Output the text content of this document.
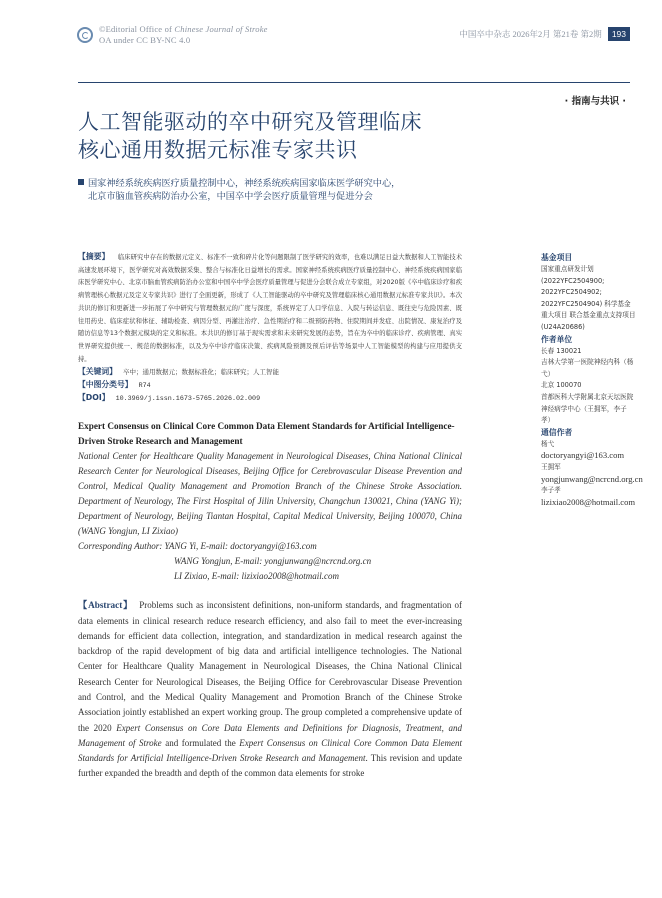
©Editorial Office of Chinese Journal of Stroke
OA under CC BY-NC 4.0
中国卒中杂志 2026年2月 第21卷 第2期	193
· 指南与共识 ·
人工智能驱动的卒中研究及管理临床
核心通用数据元标准专家共识
国家神经系统疾病医疗质量控制中心，神经系统疾病国家临床医学研究中心，
北京市脑血管疾病防治办公室，中国卒中学会医疗质量管理与促进分会
【摘要】 临床研究中存在的数据元定义、标准不一致和碎片化等问题限制了医学研究的效率，也难以满足日益大数据和人工智能技术高速发展环境下，医学研究对高效数据采集、整合与标准化日益增长的需求。国家神经系统疾病医疗质量控制中心、神经系统疾病国家临床医学研究中心、北京市脑血管疾病防治办公室和中国卒中学会医疗质量管理与促进分会联合成立专家组，对2020版《卒中临床诊疗和疾病管理核心数据元及定义专家共识》进行了全面更新，形成了《人工智能驱动的卒中研究及管理临床核心通用数据元标准专家共识》。本次共识的修订和更新进一步拓展了卒中研究与管理数据元的广度与深度，系统界定了人口学信息、入院与转运信息、既往史与危险因素、既往用药史、临床症状和体征、辅助检查、病因分型、再灌注治疗、急性期治疗和二级预防药物、住院期间并发症、出院情况、康复治疗及随访信息等13个数据元模块的定义和标准。本共识的修订基于现实需求和未来研究发展的态势，旨在为卒中的临床诊疗、疾病管理、真实世界研究提供统一、规范的数据标准，以及为卒中诊疗临床决策、疾病风险预测及预后评估等场景中人工智能模型的构建与应用提供支持。
【关键词】 卒中；通用数据元；数据标准化；临床研究；人工智能
【中图分类号】 R74
【DOI】 10.3969/j.issn.1673-5765.2026.02.009
Expert Consensus on Clinical Core Common Data Element Standards for Artificial Intelligence-Driven Stroke Research and Management
National Center for Healthcare Quality Management in Neurological Diseases, China National Clinical Research Center for Neurological Diseases, Beijing Office for Cerebrovascular Disease Prevention and Control, Medical Quality Management and Promotion Branch of the Chinese Stroke Association. Department of Neurology, The First Hospital of Jilin University, Changchun 130021, China (YANG Yi); Department of Neurology, Beijing Tiantan Hospital, Capital Medical University, Beijing 100070, China (WANG Yongjun, LI Zixiao)
Corresponding Author: YANG Yi, E-mail: doctoryangyi@163.com
WANG Yongjun, E-mail: yongjunwang@ncrcnd.org.cn
LI Zixiao, E-mail: lizixiao2008@hotmail.com
【Abstract】 Problems such as inconsistent definitions, non-uniform standards, and fragmentation of data elements in clinical research reduce research efficiency, and also fail to meet the ever-increasing demands for efficient data collection, integration, and standardization in medical research against the backdrop of the rapid development of big data and artificial intelligence technologies. The National Center for Healthcare Quality Management in Neurological Diseases, the China National Clinical Research Center for Neurological Diseases, the Beijing Office for Cerebrovascular Disease Prevention and Control, and the Medical Quality Management and Promotion Branch of the Chinese Stroke Association jointly established an expert working group. The group completed a comprehensive update of the 2020 Expert Consensus on Core Data Elements and Definitions for Diagnosis, Treatment, and Management of Stroke and formulated the Expert Consensus on Clinical Core Common Data Element Standards for Artificial Intelligence-Driven Stroke Research and Management. This revision and update further expanded the breadth and depth of the common data elements for stroke
基金项目
国家重点研发计划 (2022YFC2504900; 2022YFC2504902; 2022YFC2504904) 科学基金重大项目 联合基金重点支持项目 (U24A20686)
作者单位
长春 130021
吉林大学第一医院神经内科（杨弋）
北京 100070
首都医科大学附属北京天坛医院神经病学中心（王拥军，李子孝）
通信作者
杨弋
doctoryangyi@163.com
王拥军
yongjunwang@ncrcnd.org.cn
李子孝
lizixiao2008@hotmail.com
